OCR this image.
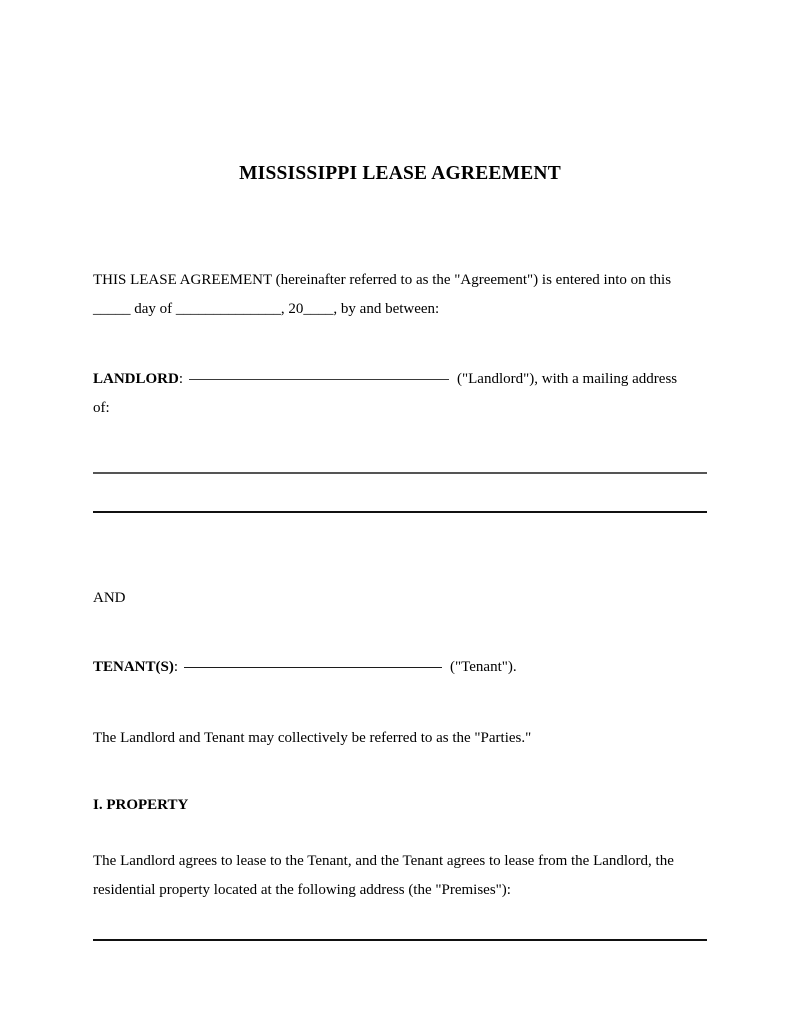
MISSISSIPPI LEASE AGREEMENT
THIS LEASE AGREEMENT (hereinafter referred to as the "Agreement") is entered into on this
_____ day of ______________, 20____, by and between:
LANDLORD:	("Landlord"), with a mailing address
of:
AND
TENANT(S):	("Tenant").
The Landlord and Tenant may collectively be referred to as the "Parties."
I. PROPERTY
The Landlord agrees to lease to the Tenant, and the Tenant agrees to lease from the Landlord, the
residential property located at the following address (the "Premises"):
